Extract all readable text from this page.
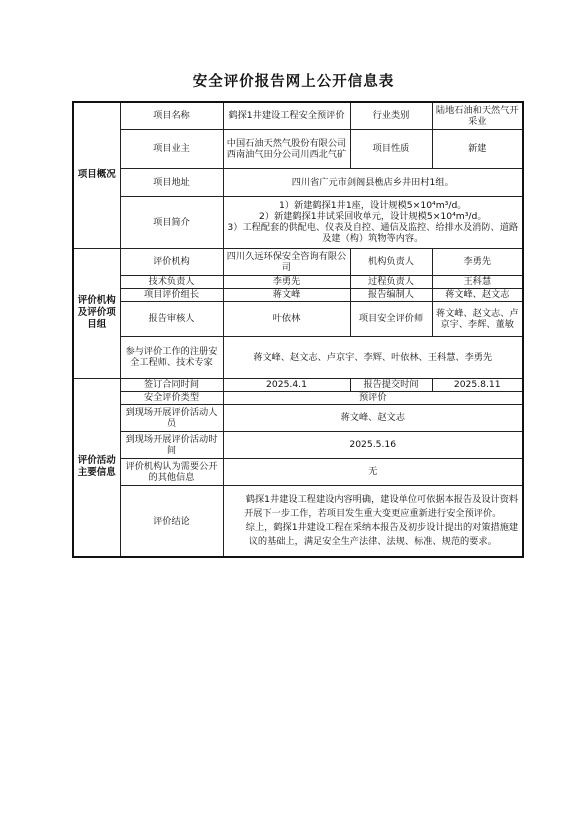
安全评价报告网上公开信息表
项目概况	项目名称	鹤探1井建设工程安全预评价	行业类别	陆地石油和天然气开采业
	项目业主	中国石油天然气股份有限公司西南油气田分公司川西北气矿	项目性质	新建
	项目地址	四川省广元市剑阁县樵店乡井田村1组。		
	项目简介	1）新建鹤探1井1座，设计规模5×10⁴m³/d。
2）新建鹤探1井试采回收单元，设计规模5×10⁴m³/d。
3）工程配套的供配电、仪表及自控、通信及监控、给排水及消防、道路及建（构）筑物等内容。		

评价机构及评价项目组	评价机构	四川久远环保安全咨询有限公司	机构负责人	李勇先
	技术负责人	李勇先	过程负责人	王科慧
	项目评价组长	蒋文峰	报告编制人	蒋文峰、赵文志
	报告审核人	叶依林	项目安全评价师	蒋文峰、赵文志、卢京宇、李辉、董敏
	参与评价工作的注册安全工程师、技术专家	蒋文峰、赵文志、卢京宇、李辉、叶依林、王科慧、李勇先		

评价活动主要信息	签订合同时间	2025.4.1	报告提交时间	2025.8.11
	安全评价类型	预评价		
	到现场开展评价活动人员	蒋文峰、赵文志		
	到现场开展评价活动时间	2025.5.16		
	评价机构认为需要公开的其他信息	无		
	评价结论	鹤探1井建设工程建设内容明确，建设单位可依据本报告及设计资料开展下一步工作，若项目发生重大变更应重新进行安全预评价。
综上，鹤探1井建设工程在采纳本报告及初步设计提出的对策措施建议的基础上，满足安全生产法律、法规、标准、规范的要求。		
